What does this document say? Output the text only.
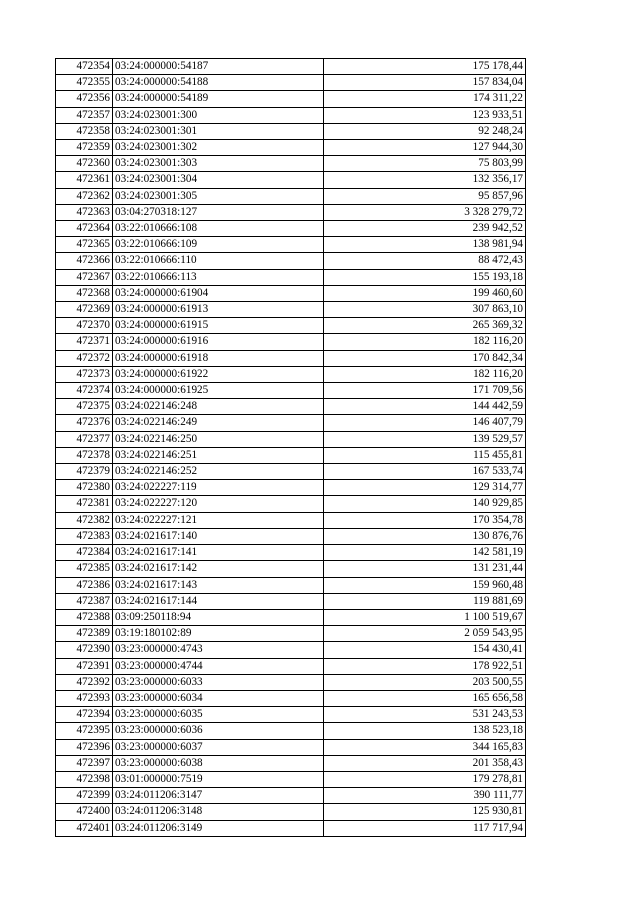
472354	03:24:000000:54187	175 178,44
472355	03:24:000000:54188	157 834,04
472356	03:24:000000:54189	174 311,22
472357	03:24:023001:300	123 933,51
472358	03:24:023001:301	92 248,24
472359	03:24:023001:302	127 944,30
472360	03:24:023001:303	75 803,99
472361	03:24:023001:304	132 356,17
472362	03:24:023001:305	95 857,96
472363	03:04:270318:127	3 328 279,72
472364	03:22:010666:108	239 942,52
472365	03:22:010666:109	138 981,94
472366	03:22:010666:110	88 472,43
472367	03:22:010666:113	155 193,18
472368	03:24:000000:61904	199 460,60
472369	03:24:000000:61913	307 863,10
472370	03:24:000000:61915	265 369,32
472371	03:24:000000:61916	182 116,20
472372	03:24:000000:61918	170 842,34
472373	03:24:000000:61922	182 116,20
472374	03:24:000000:61925	171 709,56
472375	03:24:022146:248	144 442,59
472376	03:24:022146:249	146 407,79
472377	03:24:022146:250	139 529,57
472378	03:24:022146:251	115 455,81
472379	03:24:022146:252	167 533,74
472380	03:24:022227:119	129 314,77
472381	03:24:022227:120	140 929,85
472382	03:24:022227:121	170 354,78
472383	03:24:021617:140	130 876,76
472384	03:24:021617:141	142 581,19
472385	03:24:021617:142	131 231,44
472386	03:24:021617:143	159 960,48
472387	03:24:021617:144	119 881,69
472388	03:09:250118:94	1 100 519,67
472389	03:19:180102:89	2 059 543,95
472390	03:23:000000:4743	154 430,41
472391	03:23:000000:4744	178 922,51
472392	03:23:000000:6033	203 500,55
472393	03:23:000000:6034	165 656,58
472394	03:23:000000:6035	531 243,53
472395	03:23:000000:6036	138 523,18
472396	03:23:000000:6037	344 165,83
472397	03:23:000000:6038	201 358,43
472398	03:01:000000:7519	179 278,81
472399	03:24:011206:3147	390 111,77
472400	03:24:011206:3148	125 930,81
472401	03:24:011206:3149	117 717,94
